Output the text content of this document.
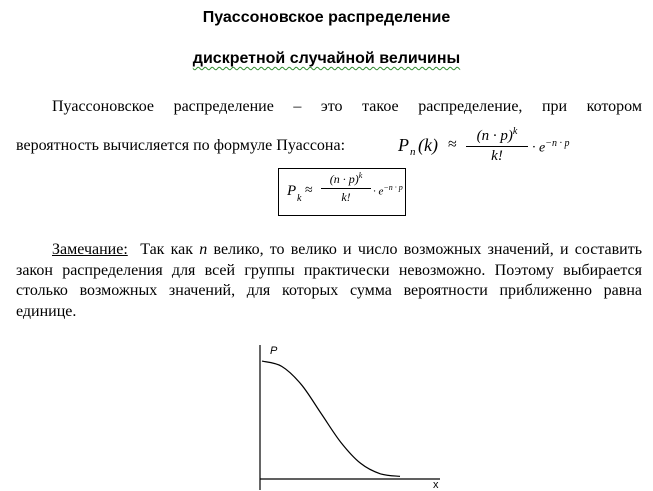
Пуассоновское распределение
дискретной случайной величины
Пуассоновское распределение – это такое распределение, при котором
вероятность вычисляется по формуле Пуассона:	P n $(k) \approx \frac{(n \cdot p)^k}{k!} \cdot e^{-n \cdot p}$
P k
≈ $\frac{(n \cdot p)^k}{k!} \cdot e^{-n \cdot p}$
Замечание: Так как n велико, то велико и число возможных значений, и составить закон распределения для всей группы практически невозможно. Поэтому выбирается столько возможных значений, для которых сумма вероятности приближенно равна единице.
P
x
